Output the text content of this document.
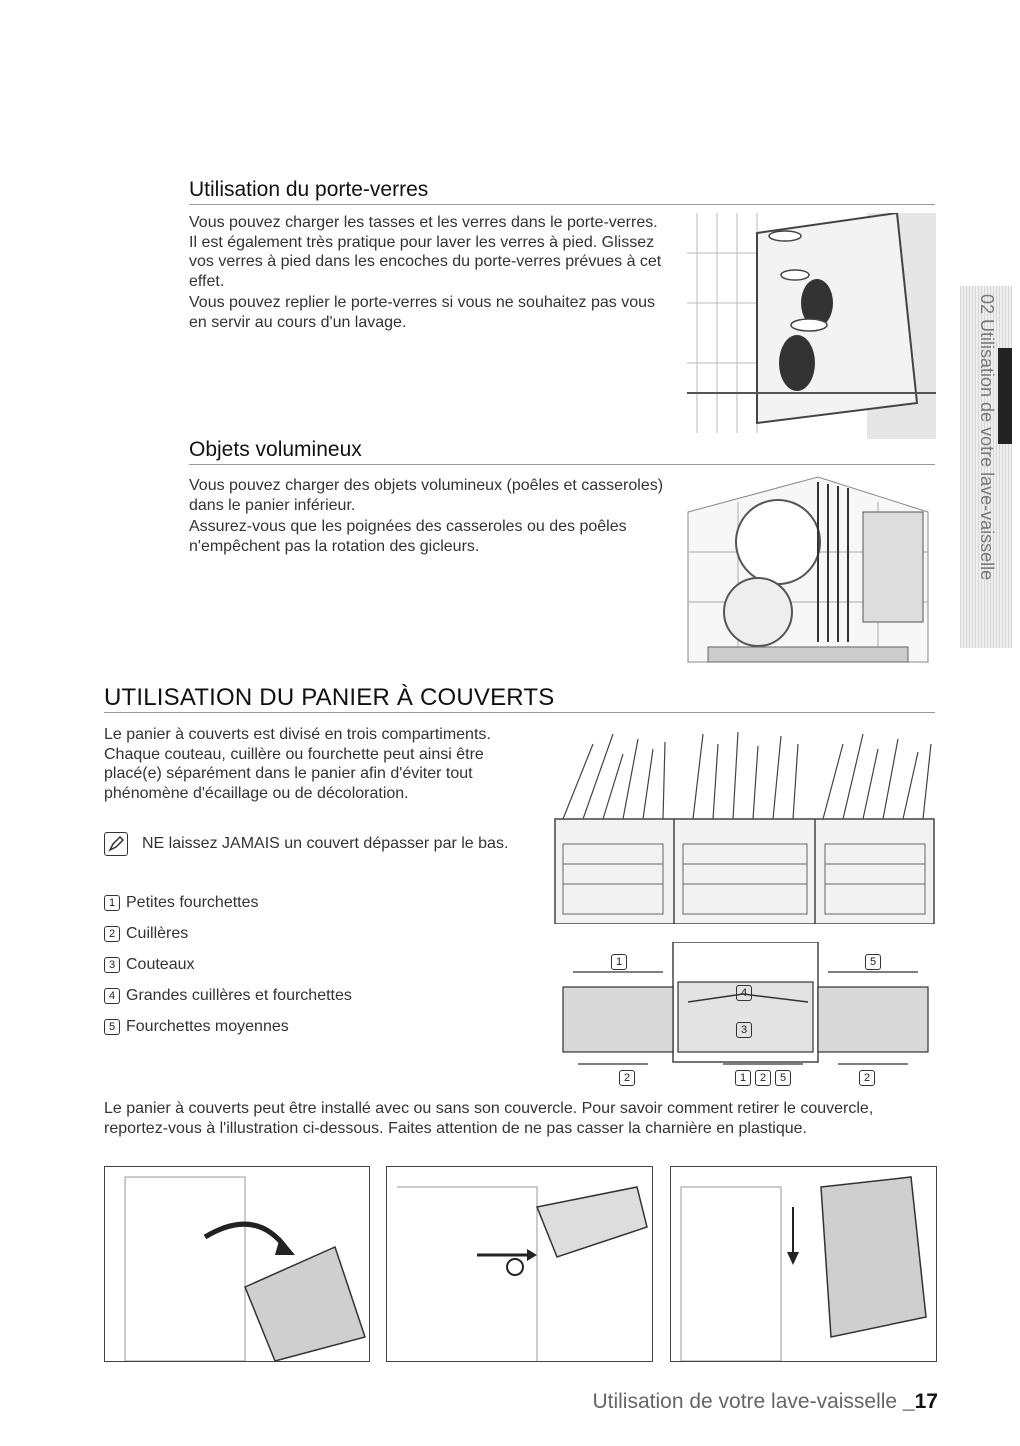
Utilisation du porte-verres

Vous pouvez charger les tasses et les verres dans le porte-verres. Il est également très pratique pour laver les verres à pied. Glissez vos verres à pied dans les encoches du porte-verres prévues à cet effet.

Vous pouvez replier le porte-verres si vous ne souhaitez pas vous en servir au cours d'un lavage.

Objets volumineux

Vous pouvez charger des objets volumineux (poêles et casseroles) dans le panier inférieur.

Assurez-vous que les poignées des casseroles ou des poêles n'empêchent pas la rotation des gicleurs.	02 Utilisation de votre lave-vaisselle
UTILISATION DU PANIER À COUVERTS
Le panier à couverts est divisé en trois compartiments. Chaque couteau, cuillère ou fourchette peut ainsi être placé(e) séparément dans le panier afin d'éviter tout phénomène d'écaillage ou de décoloration.
NE laissez JAMAIS un couvert dépasser par le bas.
1 Petites fourchettes
2 Cuillères
3 Couteaux
4 Grandes cuillères et fourchettes
5 Fourchettes moyennes
1	5
4
3
2	1	2	5	2
Le panier à couverts peut être installé avec ou sans son couvercle. Pour savoir comment retirer le couvercle, reportez-vous à l'illustration ci-dessous. Faites attention de ne pas casser la charnière en plastique.
Utilisation de votre lave-vaisselle _17
